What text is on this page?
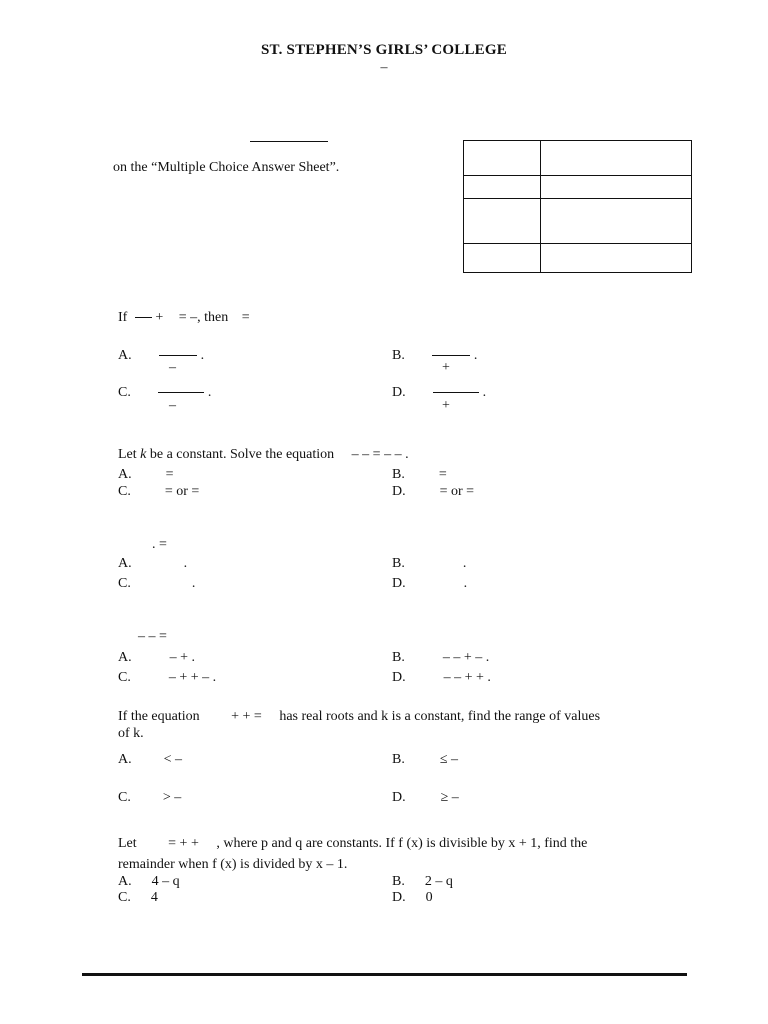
ST. STEPHEN’S GIRLS’ COLLEGE
–
on the “Multiple Choice Answer Sheet”.

If + = –, then =
A.	.
–
B.	.
+
C.	.
–
D.	.
+
Let k be a constant. Solve the equation – – = – – .
A. =	B. =
C. = or =	D. = or =
. =
A.	.	B.	.
C.	.	D.	.
– – =
A.	– + .	B.	– – + – .
C.	– + + – .	D.	– – + + .
If the equation + + = has real roots and k is a constant, find the range of values
of k.
A. < –	B.	≤ –
C. > –	D.	≥ –
Let = + + , where p and q are constants. If f (x) is divisible by x + 1, find the
remainder when f (x) is divided by x – 1.
A. 4 – q	B. 2 – q
C. 4	D. 0
